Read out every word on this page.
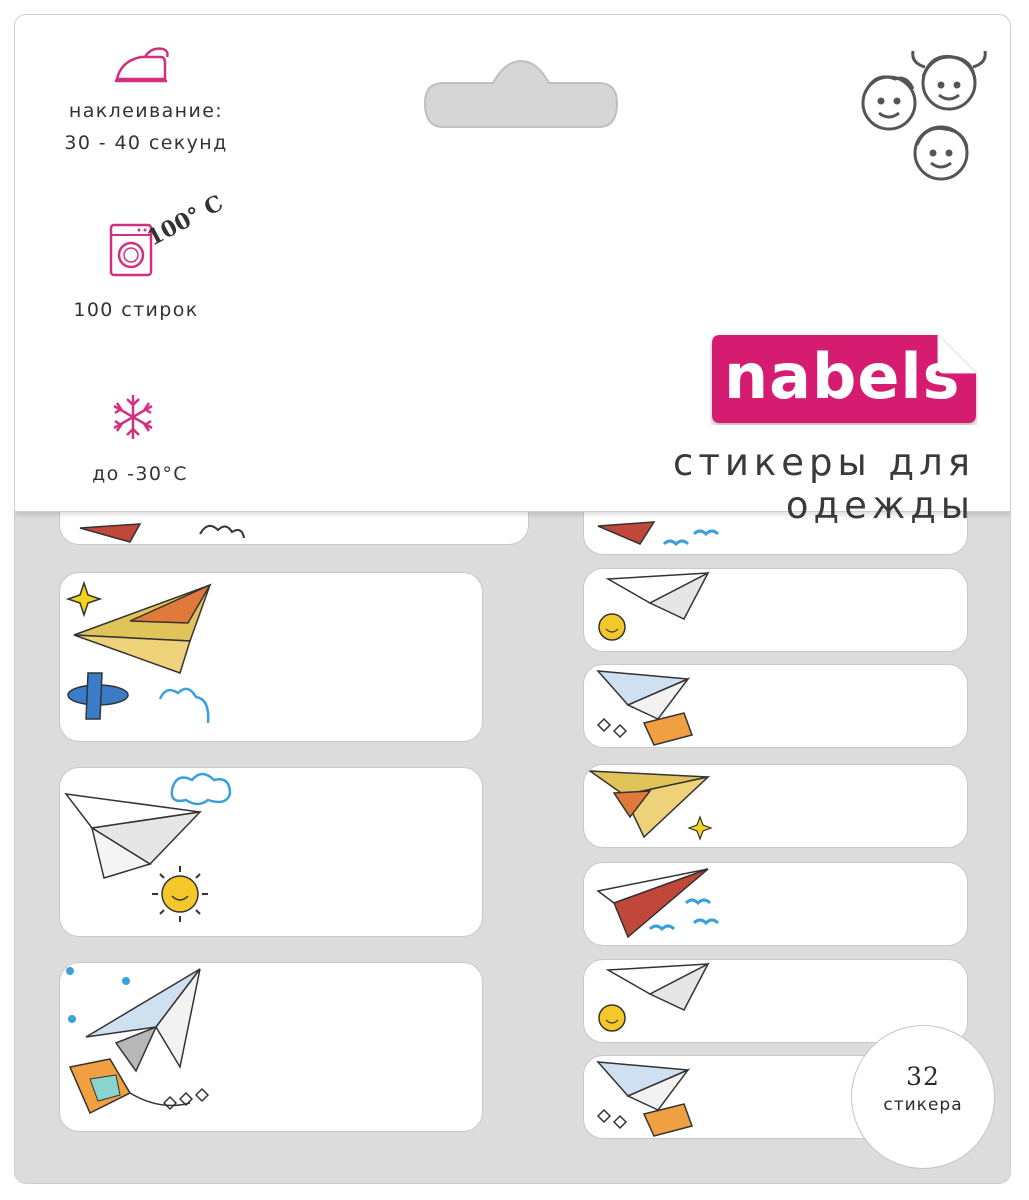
наклеивание:
30 - 40 секунд
100° C
100 стирок
до -30°C
nabels
стикеры для одежды
32
стикера
